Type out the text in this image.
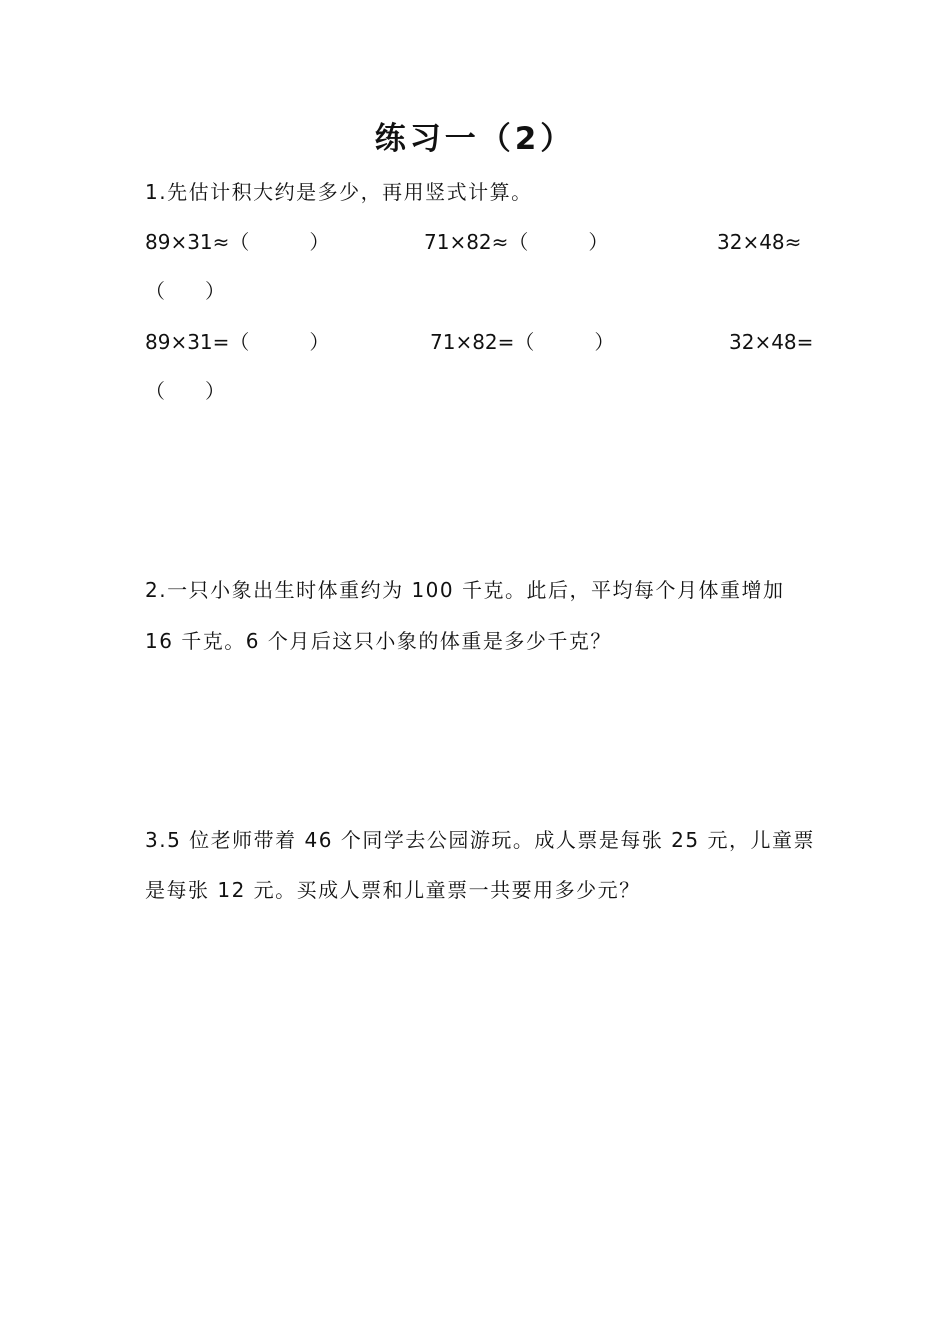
练习一（2）
1.先估计积大约是多少，再用竖式计算。
89×31≈（　　　）	71×82≈（　　　）	32×48≈
（　　）
89×31=（　　　）	71×82=（　　　）	32×48=
（　　）
2.一只小象出生时体重约为 100 千克。此后，平均每个月体重增加
16 千克。6 个月后这只小象的体重是多少千克？
3.5 位老师带着 46 个同学去公园游玩。成人票是每张 25 元，儿童票
是每张 12 元。买成人票和儿童票一共要用多少元？
